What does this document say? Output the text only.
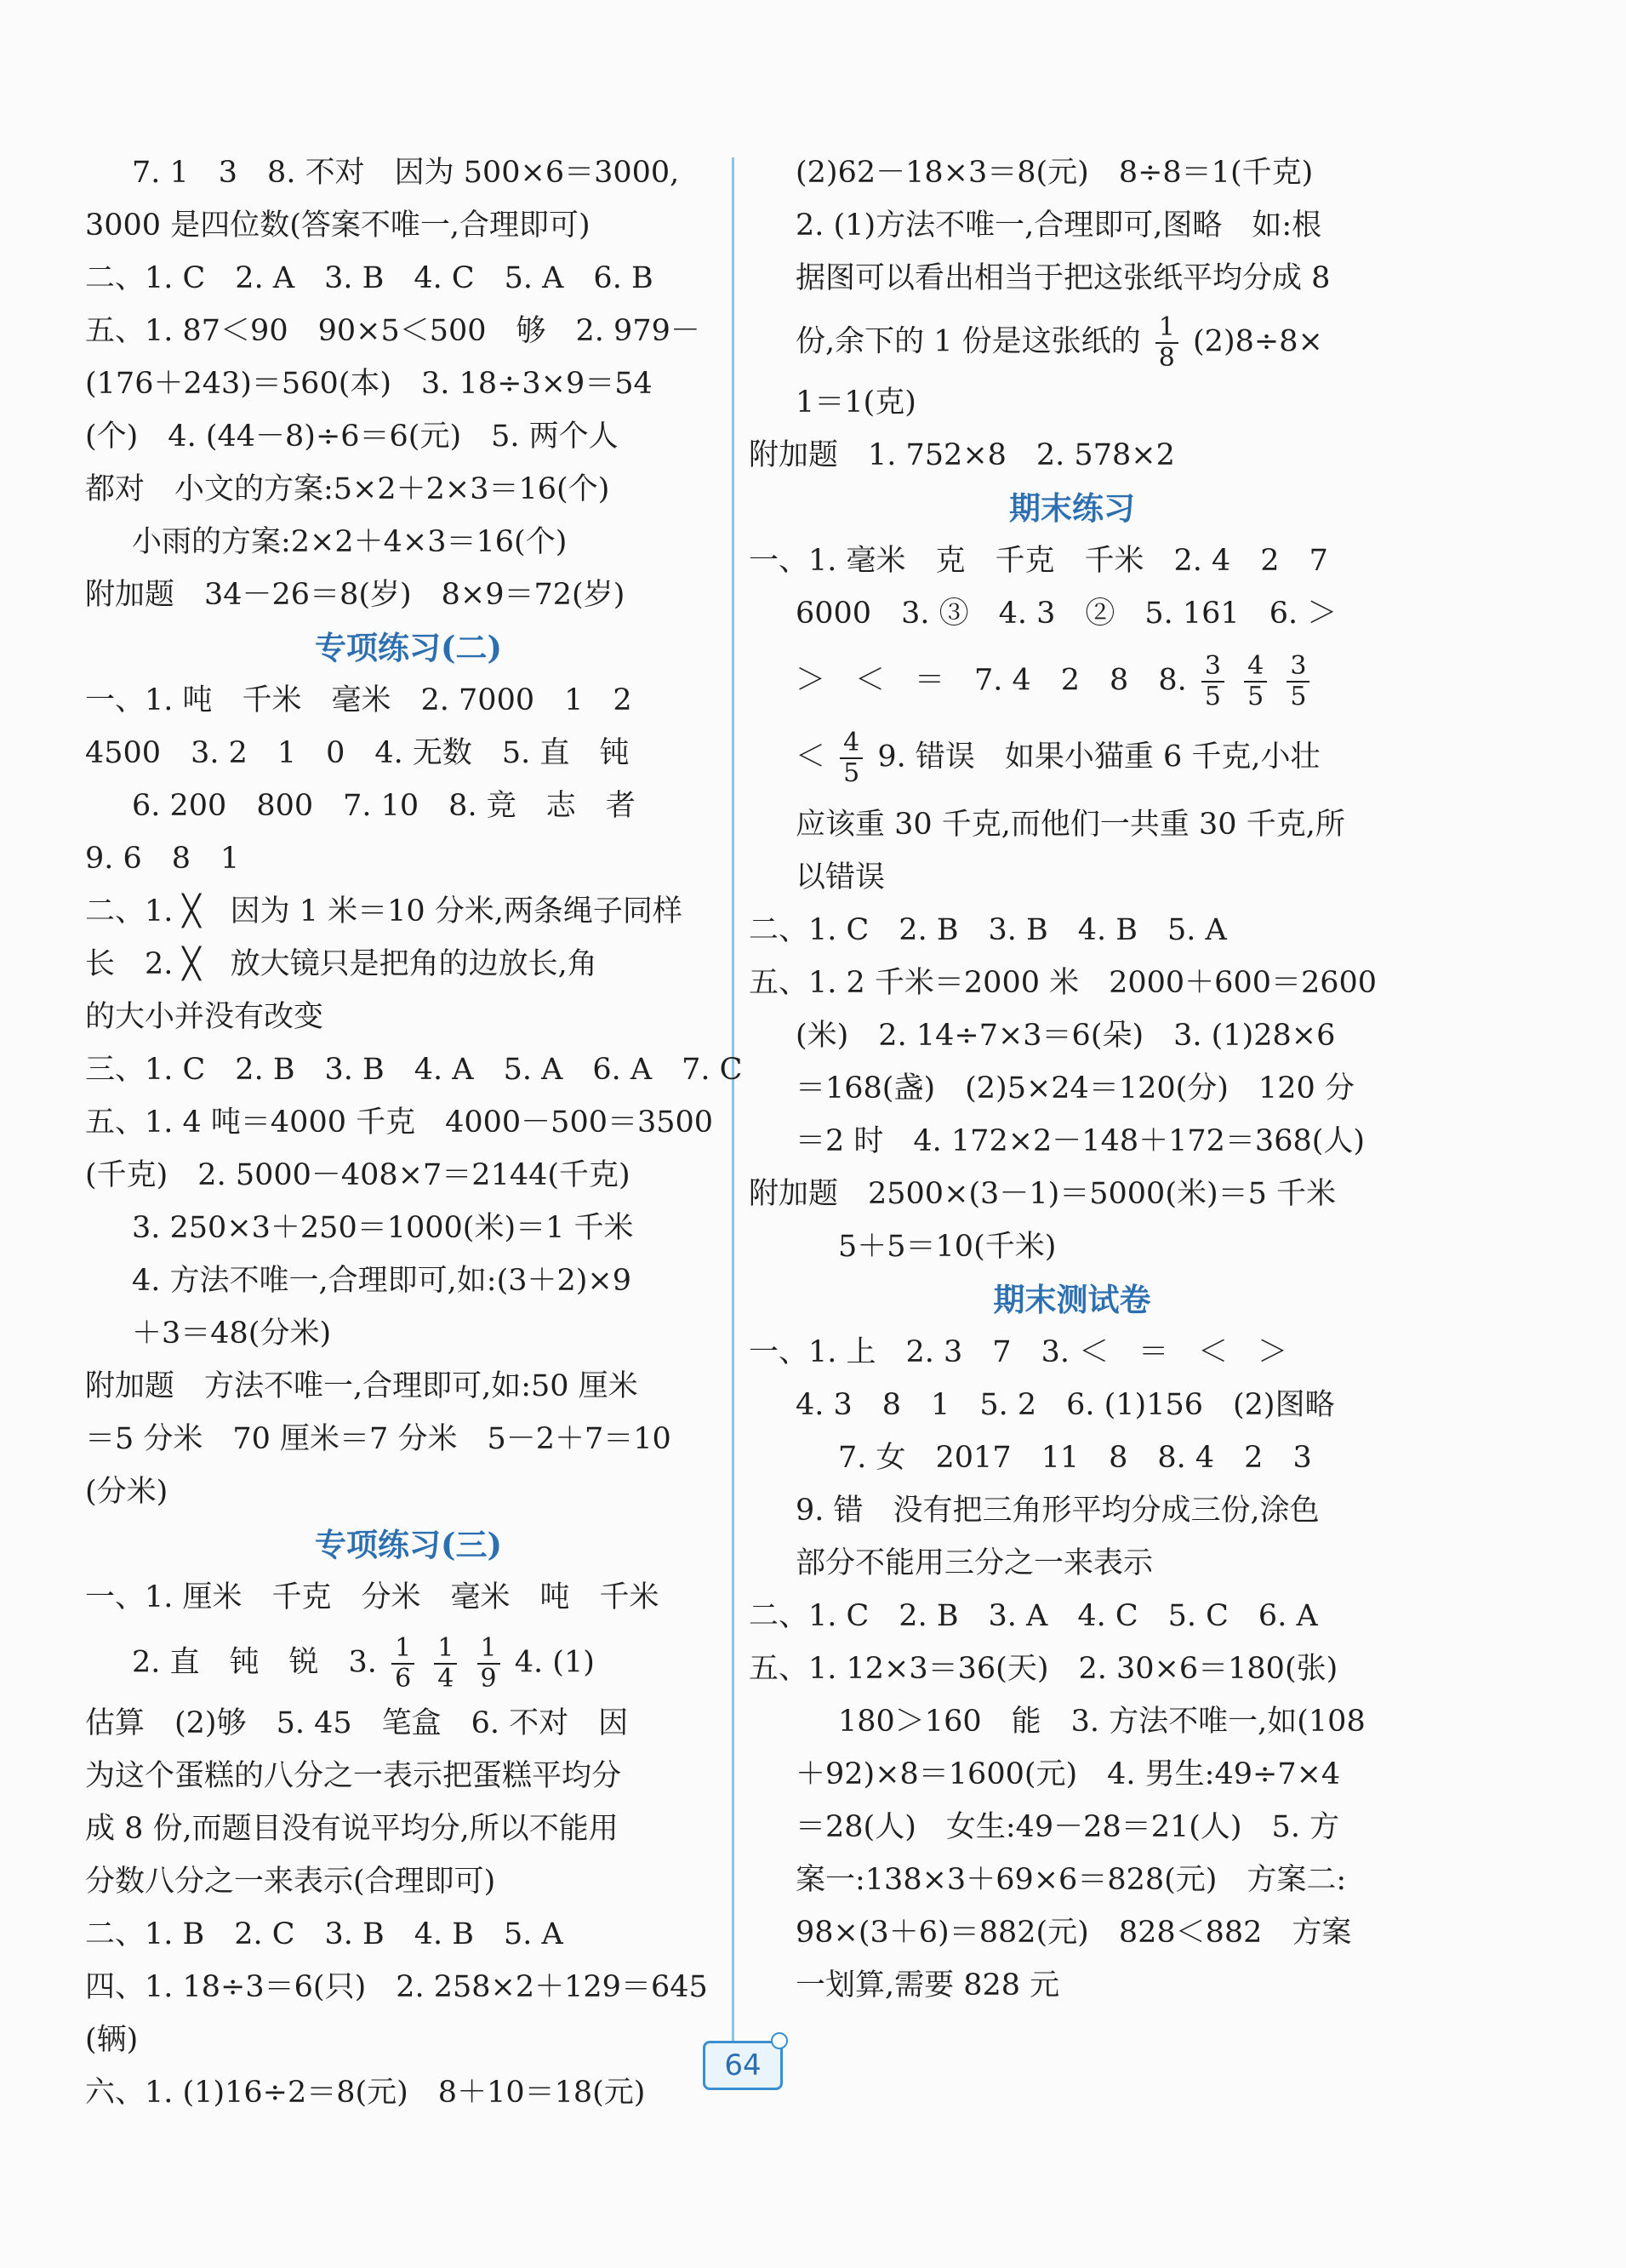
7. 1　3　8. 不对　因为 500×6＝3000,
3000 是四位数(答案不唯一,合理即可)
二、1. C　2. A　3. B　4. C　5. A　6. B
五、1. 87＜90　90×5＜500　够　2. 979－
(176＋243)＝560(本)　3. 18÷3×9＝54
(个)　4. (44－8)÷6＝6(元)　5. 两个人
都对　小文的方案:5×2＋2×3＝16(个)
小雨的方案:2×2＋4×3＝16(个)
附加题　34－26＝8(岁)　8×9＝72(岁)
专项练习(二)
一、1. 吨　千米　毫米　2. 7000　1　2
4500　3. 2　1　0　4. 无数　5. 直　钝
6. 200　800　7. 10　8. 竞　志　者
9. 6　8　1
二、1. ╳　因为 1 米＝10 分米,两条绳子同样
长　2. ╳　放大镜只是把角的边放长,角
的大小并没有改变
三、1. C　2. B　3. B　4. A　5. A　6. A　7. C
五、1. 4 吨＝4000 千克　4000－500＝3500
(千克)　2. 5000－408×7＝2144(千克)
3. 250×3＋250＝1000(米)＝1 千米
4. 方法不唯一,合理即可,如:(3＋2)×9
＋3＝48(分米)
附加题　方法不唯一,合理即可,如:50 厘米
＝5 分米　70 厘米＝7 分米　5－2＋7＝10
(分米)
专项练习(三)
一、1. 厘米　千克　分米　毫米　吨　千米
2. 直　钝　锐　3. $\frac{1}{6}$
$\frac{1}{4}$
$\frac{1}{9} 4$. (1)
估算　(2)够　5. 45　笔盒　6. 不对　因
为这个蛋糕的八分之一表示把蛋糕平均分
成 8 份,而题目没有说平均分,所以不能用
分数八分之一来表示(合理即可)
二、1. B　2. C　3. B　4. B　5. A
四、1. 18÷3＝6(只)　2. 258×2＋129＝645
(辆)
六、1. (1)16÷2＝8(元)　8＋10＝18(元)
(2)62－18×3＝8(元)　8÷8＝1(千克)
2. (1)方法不唯一,合理即可,图略　如:根
据图可以看出相当于把这张纸平均分成 8
份,余下的 1 份是这张纸的 $\frac{1}{8} (2)8\div 8\times$
1＝1(克)
附加题　1. 752×8　2. 578×2
期末练习
一、1. 毫米　克　千克　千米　2. 4　2　7
6000　3. ③　4. 3　②　5. 161　6. ＞
＞　＜　＝　7. 4　2　8　8. $\frac{3}{5}$
$\frac{4}{5}$
$\frac{3}{5}$
＜ $\frac{4}{5} 9$. 错误　如果小猫重 6 千克,小壮
应该重 30 千克,而他们一共重 30 千克,所
以错误
二、1. C　2. B　3. B　4. B　5. A
五、1. 2 千米＝2000 米　2000＋600＝2600
(米)　2. 14÷7×3＝6(朵)　3. (1)28×6
＝168(盏)　(2)5×24＝120(分)　120 分
＝2 时　4. 172×2－148＋172＝368(人)
附加题　2500×(3－1)＝5000(米)＝5 千米
5＋5＝10(千米)
期末测试卷
一、1. 上　2. 3　7　3. ＜　＝　＜　＞
4. 3　8　1　5. 2　6. (1)156　(2)图略
7. 女　2017　11　8　8. 4　2　3
9. 错　没有把三角形平均分成三份,涂色
部分不能用三分之一来表示
二、1. C　2. B　3. A　4. C　5. C　6. A
五、1. 12×3＝36(天)　2. 30×6＝180(张)
180＞160　能　3. 方法不唯一,如(108
＋92)×8＝1600(元)　4. 男生:49÷7×4
＝28(人)　女生:49－28＝21(人)　5. 方
案一:138×3＋69×6＝828(元)　方案二:
98×(3＋6)＝882(元)　828＜882　方案
一划算,需要 828 元
64
